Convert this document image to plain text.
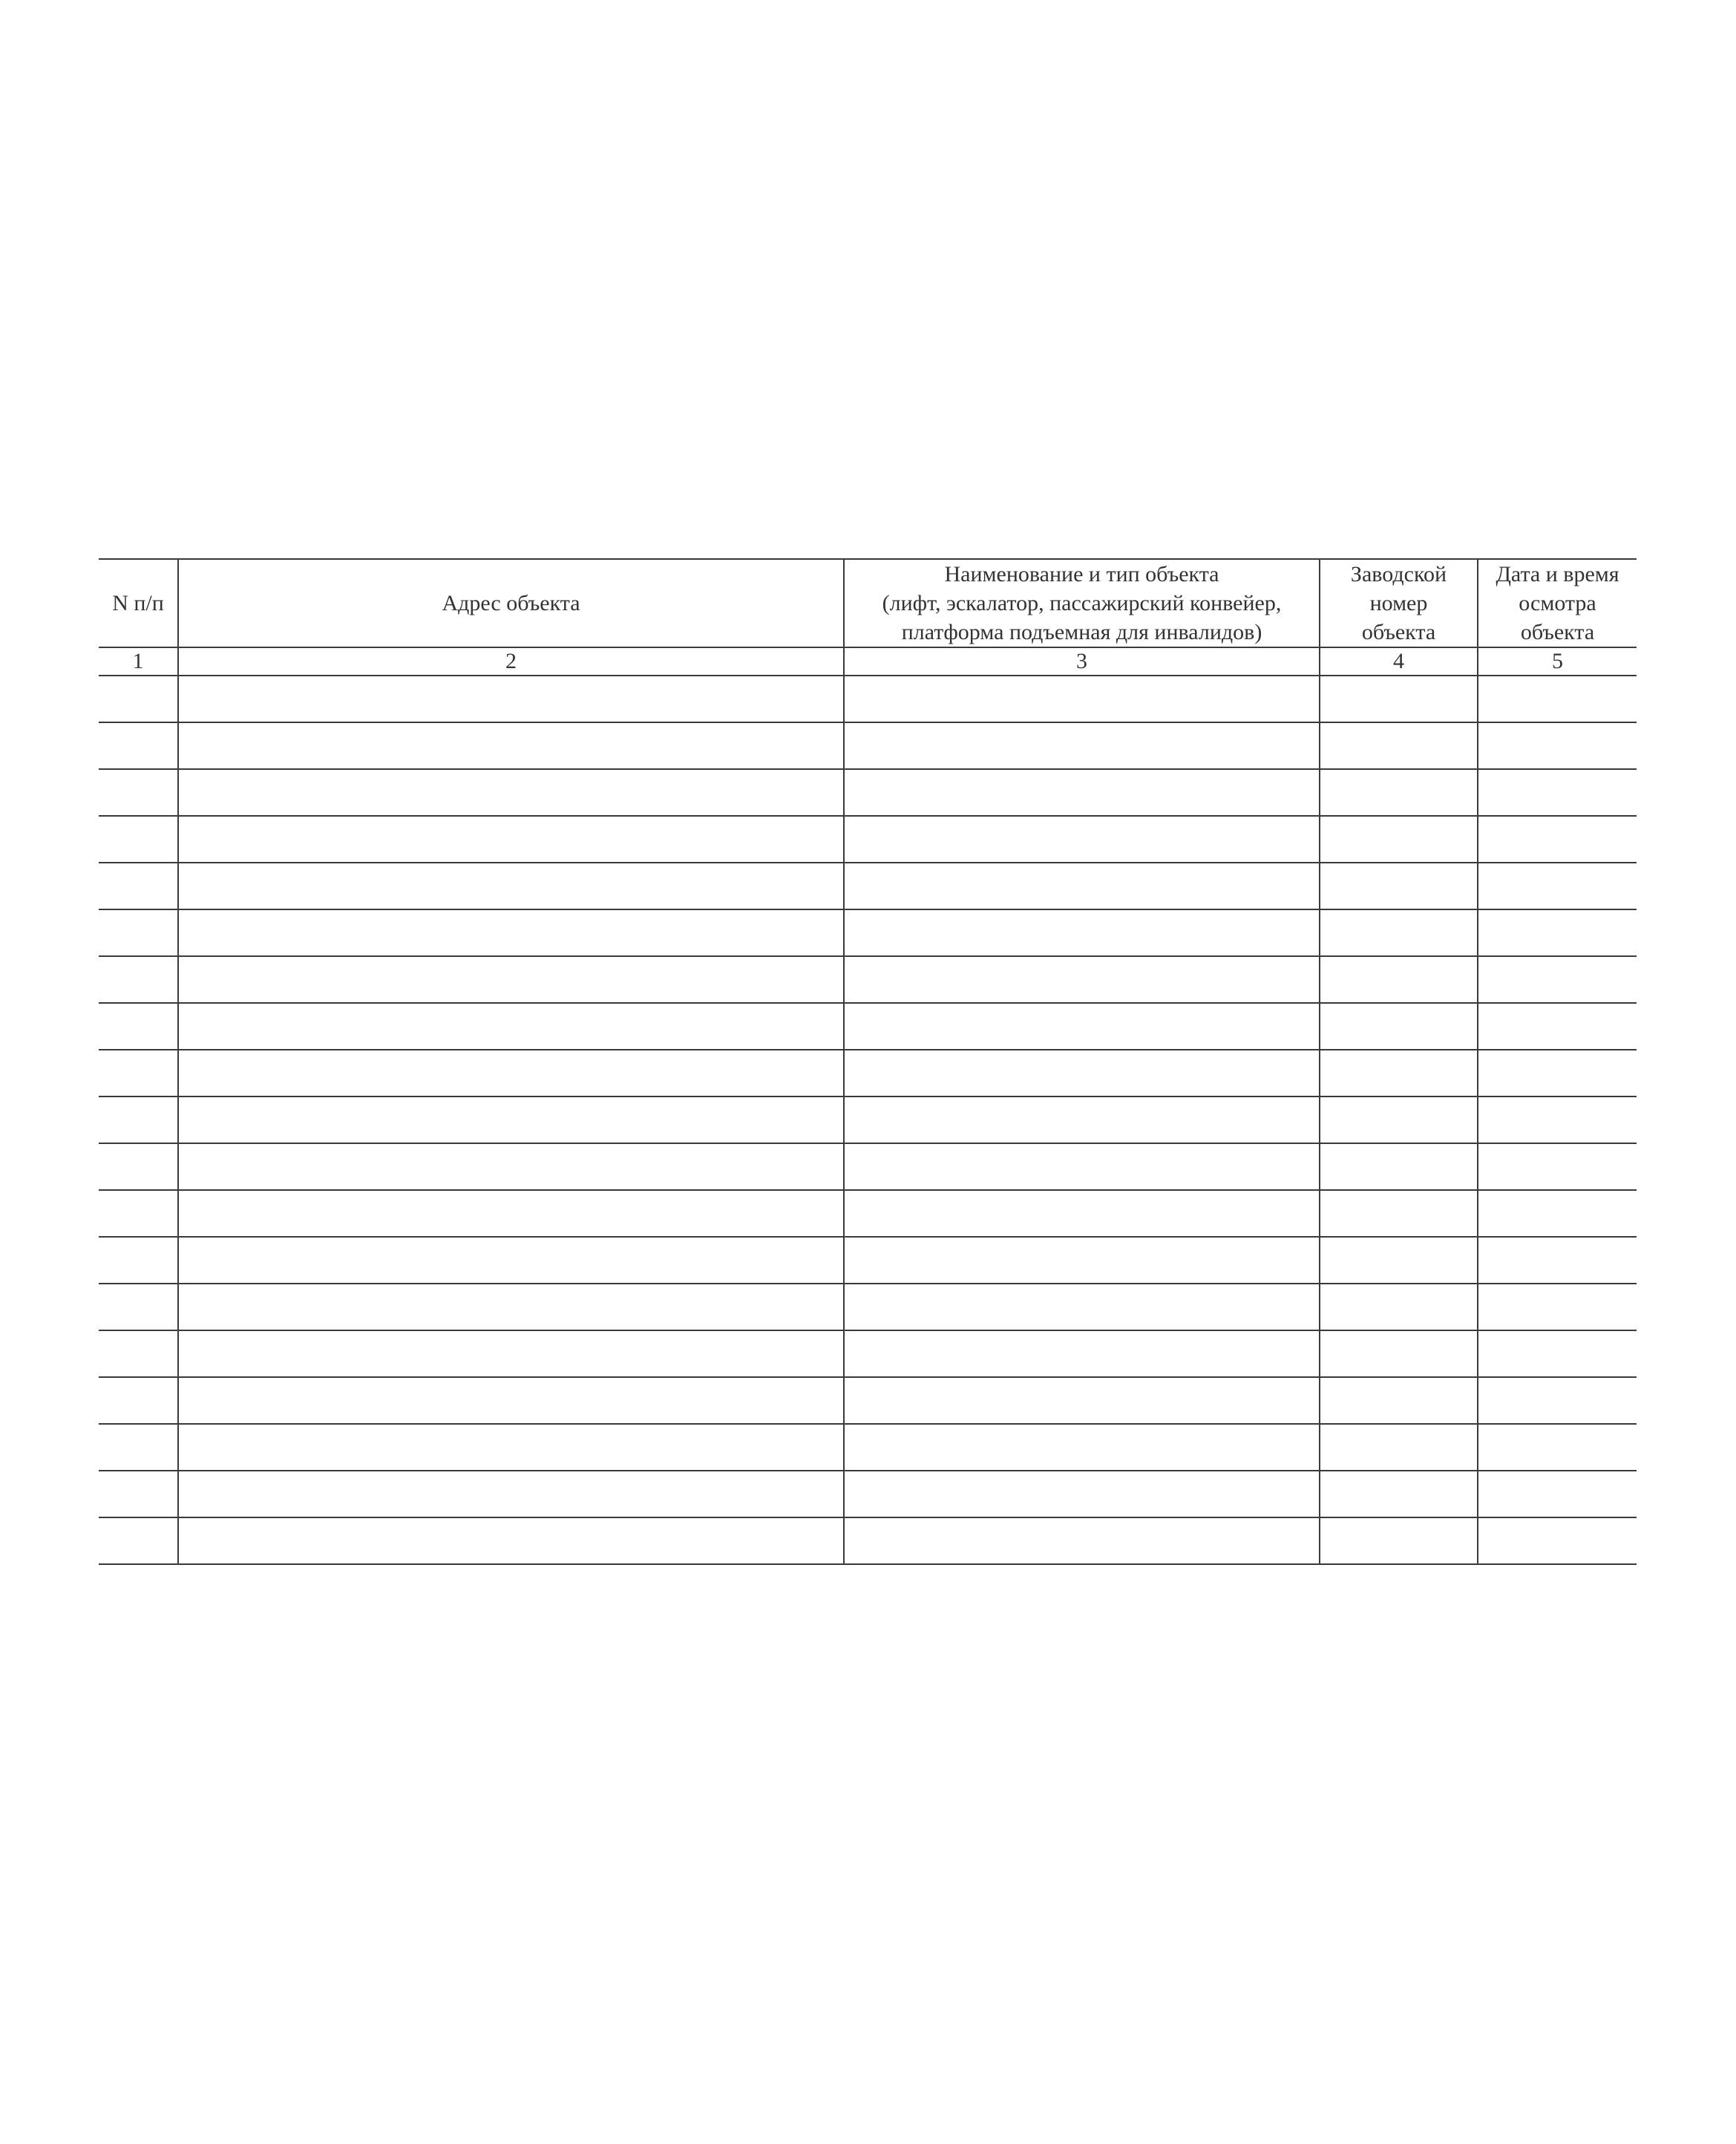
N п/п	Адрес объекта	Наименование и тип объекта
(лифт, эскалатор, пассажирский конвейер,
платформа подъемная для инвалидов)	Заводской
номер
объекта	Дата и время
осмотра
объекта

1	2	3	4	5
